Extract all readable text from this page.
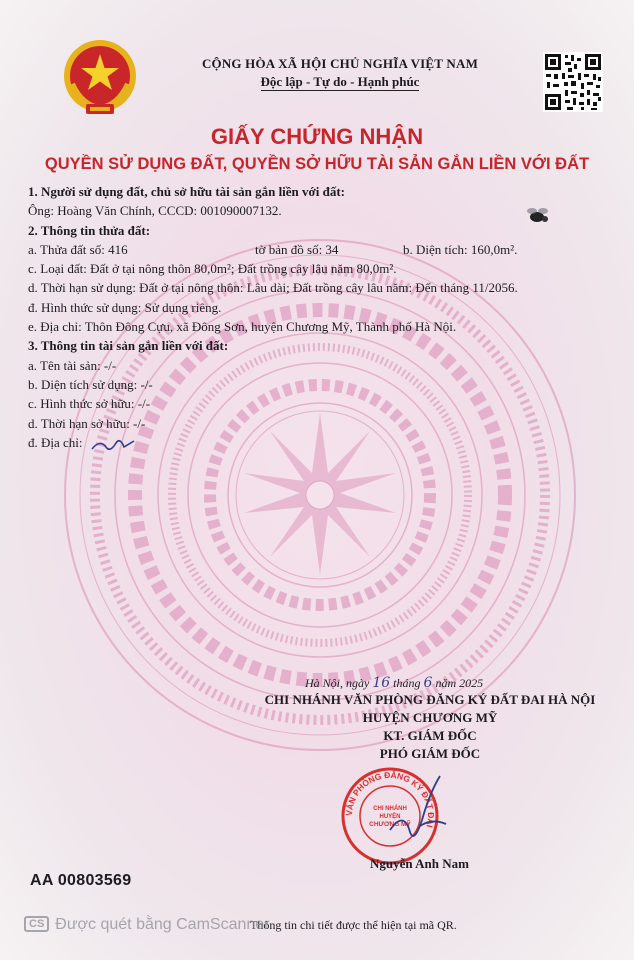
CỘNG HÒA XÃ HỘI CHỦ NGHĨA VIỆT NAM
Độc lập - Tự do - Hạnh phúc
GIẤY CHỨNG NHẬN
QUYỀN SỬ DỤNG ĐẤT, QUYỀN SỞ HỮU TÀI SẢN GẮN LIỀN VỚI ĐẤT
1. Người sử dụng đất, chủ sở hữu tài sản gắn liền với đất:
Ông: Hoàng Văn Chính, CCCD: 001090007132.
2. Thông tin thửa đất:
a. Thửa đất số: 416	tờ bản đồ số: 34	b. Diện tích: 160,0m².
c. Loại đất: Đất ở tại nông thôn 80,0m²; Đất trồng cây lâu năm 80,0m².
d. Thời hạn sử dụng: Đất ở tại nông thôn: Lâu dài; Đất trồng cây lâu năm: Đến tháng 11/2056.
đ. Hình thức sử dụng: Sử dụng riêng.
e. Địa chỉ: Thôn Đông Cựu, xã Đông Sơn, huyện Chương Mỹ, Thành phố Hà Nội.
3. Thông tin tài sản gắn liền với đất:
a. Tên tài sản: -/-
b. Diện tích sử dụng: -/-
c. Hình thức sở hữu: -/-
d. Thời hạn sở hữu: -/-
đ. Địa chỉ:
Hà Nội, ngày 16 tháng 6 năm 2025
CHI NHÁNH VĂN PHÒNG ĐĂNG KÝ ĐẤT ĐAI HÀ NỘI
HUYỆN CHƯƠNG MỸ
KT. GIÁM ĐỐC
PHÓ GIÁM ĐỐC
VĂN PHÒNG ĐĂNG KÝ ĐẤT ĐAI
CHI NHÁNH
HUYỆN
CHƯƠNG MỸ
Nguyễn Anh Nam
AA 00803569
Thông tin chi tiết được thể hiện tại mã QR.
CS Được quét bằng CamScanner
